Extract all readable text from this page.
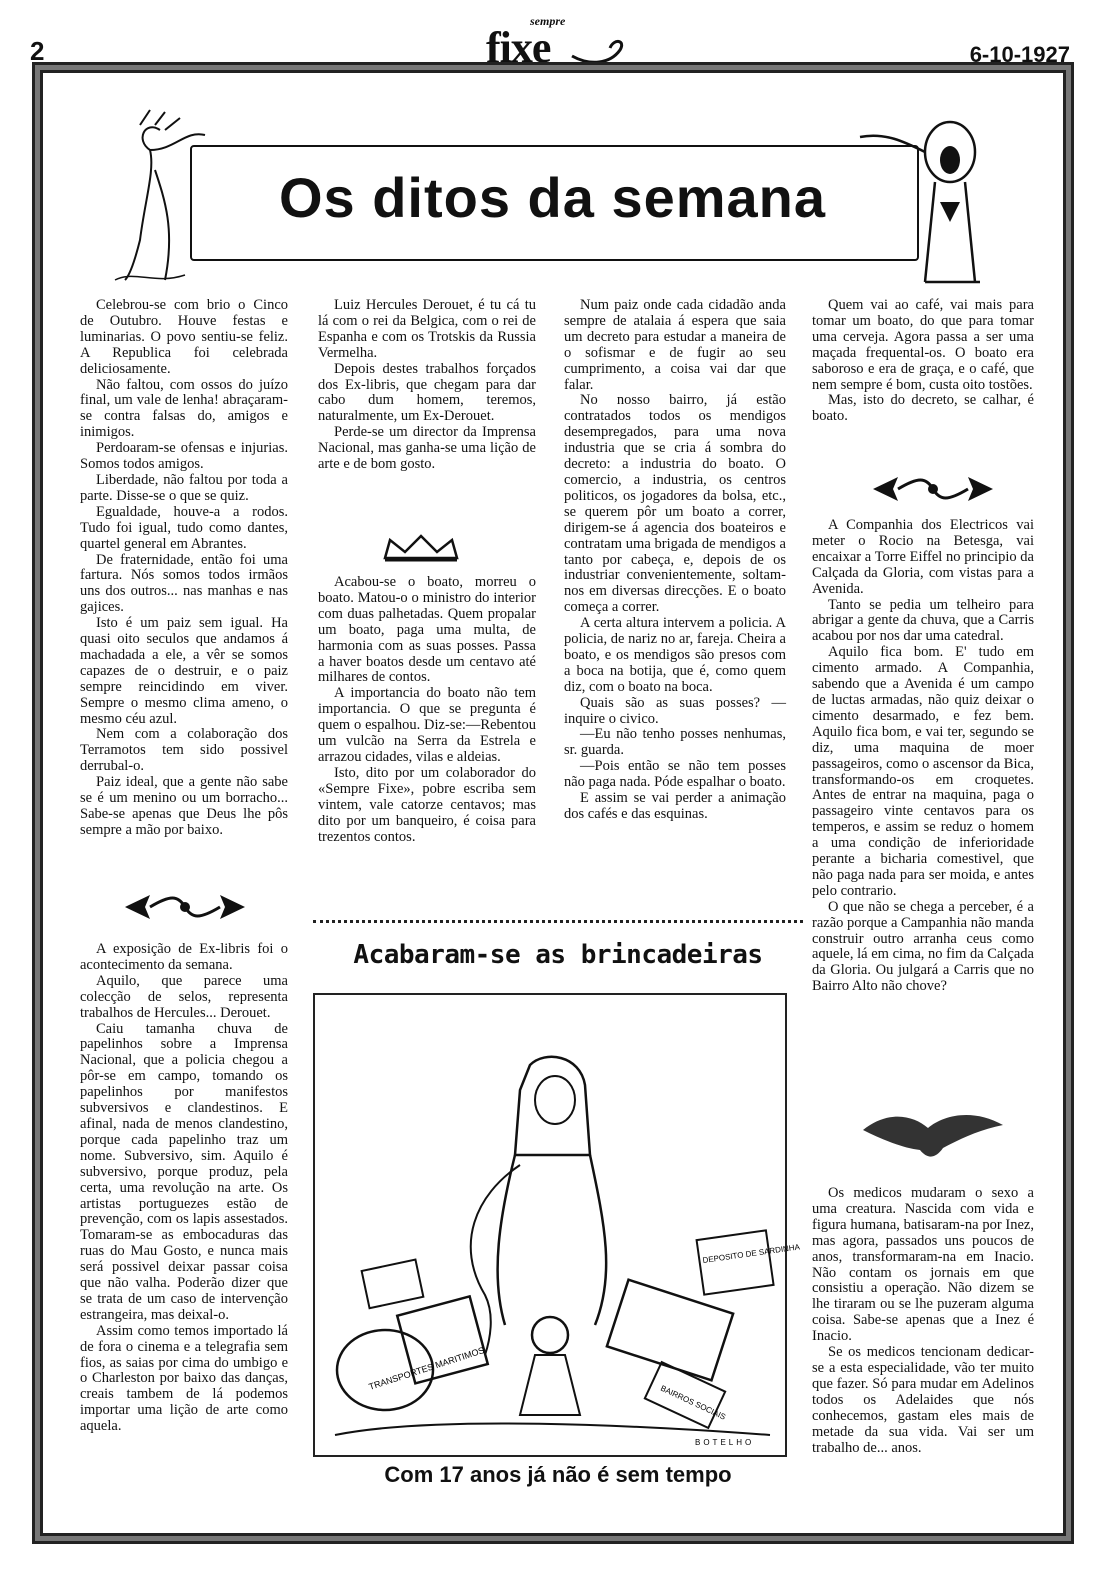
2
sempre
fixe	6-10-1927
Os ditos da semana

Celebrou-se com brio o Cinco de Outubro. Houve festas e luminarias. O povo sentiu-se feliz. A Republica foi celebrada deliciosamente.

Não faltou, com ossos do juízo final, um vale de lenha! abraçaram-se contra falsas do, amigos e inimigos.

Perdoaram-se ofensas e injurias. Somos todos amigos.

Liberdade, não faltou por toda a parte. Disse-se o que se quiz.

Egualdade, houve-a a rodos. Tudo foi igual, tudo como dantes, quartel general em Abrantes.

De fraternidade, então foi uma fartura. Nós somos todos irmãos uns dos outros... nas manhas e nas gajices.

Isto é um paiz sem igual. Ha quasi oito seculos que andamos á machadada a ele, a vêr se somos capazes de o destruir, e o paiz sempre reincidindo em viver. Sempre o mesmo clima ameno, o mesmo céu azul.

Nem com a colaboração dos Terramotos tem sido possivel derrubal-o.

Paiz ideal, que a gente não sabe se é um menino ou um borracho... Sabe-se apenas que Deus lhe pôs sempre a mão por baixo.

A exposição de Ex-libris foi o acontecimento da semana.

Aquilo, que parece uma colecção de selos, representa trabalhos de Hercules... Derouet.

Caiu tamanha chuva de papelinhos sobre a Imprensa Nacional, que a policia chegou a pôr-se em campo, tomando os papelinhos por manifestos subversivos e clandestinos. E afinal, nada de menos clandestino, porque cada papelinho traz um nome. Subversivo, sim. Aquilo é subversivo, porque produz, pela certa, uma revolução na arte. Os artistas portuguezes estão de prevenção, com os lapis assestados. Tomaram-se as embocaduras das ruas do Mau Gosto, e nunca mais será possivel deixar passar coisa que não valha. Poderão dizer que se trata de um caso de intervenção estrangeira, mas deixal-o.

Assim como temos importado lá de fora o cinema e a telegrafia sem fios, as saias por cima do umbigo e o Charleston por baixo das danças, creais tambem de lá podemos importar uma lição de arte como aquela.

Luiz Hercules Derouet, é tu cá tu lá com o rei da Belgica, com o rei de Espanha e com os Trotskis da Russia Vermelha.

Depois destes trabalhos forçados dos Ex-libris, que chegam para dar cabo dum homem, teremos, naturalmente, um Ex-Derouet.

Perde-se um director da Imprensa Nacional, mas ganha-se uma lição de arte e de bom gosto.

Acabou-se o boato, morreu o boato. Matou-o o ministro do interior com duas palhetadas. Quem propalar um boato, paga uma multa, de harmonia com as suas posses. Passa a haver boatos desde um centavo até milhares de contos.

A importancia do boato não tem importancia. O que se pregunta é quem o espalhou. Diz-se:—Rebentou um vulcão na Serra da Estrela e arrazou cidades, vilas e aldeias.

Isto, dito por um colaborador do «Sempre Fixe», pobre escriba sem vintem, vale catorze centavos; mas dito por um banqueiro, é coisa para trezentos contos.

Num paiz onde cada cidadão anda sempre de atalaia á espera que saia um decreto para estudar a maneira de o sofismar e de fugir ao seu cumprimento, a coisa vai dar que falar.

No nosso bairro, já estão contratados todos os mendigos desempregados, para uma nova industria que se cria á sombra do decreto: a industria do boato. O comercio, a industria, os centros politicos, os jogadores da bolsa, etc., se querem pôr um boato a correr, dirigem-se á agencia dos boateiros e contratam uma brigada de mendigos a tanto por cabeça, e, depois de os industriar convenientemente, soltam-nos em diversas direcções. E o boato começa a correr.

A certa altura intervem a policia. A policia, de nariz no ar, fareja. Cheira a boato, e os mendigos são presos com a boca na botija, que é, como quem diz, com o boato na boca.

Quais são as suas posses? — inquire o civico.

—Eu não tenho posses nenhumas, sr. guarda.

—Pois então se não tem posses não paga nada. Póde espalhar o boato.

E assim se vai perder a animação dos cafés e das esquinas.

Quem vai ao café, vai mais para tomar um boato, do que para tomar uma cerveja. Agora passa a ser uma maçada frequental-os. O boato era saboroso e era de graça, e o café, que nem sempre é bom, custa oito tostões.

Mas, isto do decreto, se calhar, é boato.

A Companhia dos Electricos vai meter o Rocio na Betesga, vai encaixar a Torre Eiffel no principio da Calçada da Gloria, com vistas para a Avenida.

Tanto se pedia um telheiro para abrigar a gente da chuva, que a Carris acabou por nos dar uma catedral.

Aquilo fica bom. E' tudo em cimento armado. A Companhia, sabendo que a Avenida é um campo de luctas armadas, não quiz deixar o cimento desarmado, e fez bem. Aquilo fica bom, e vai ter, segundo se diz, uma maquina de moer passageiros, como o ascensor da Bica, transformando-os em croquetes. Antes de entrar na maquina, paga o passageiro vinte centavos para os temperos, e assim se reduz o homem a uma condição de inferioridade perante a bicharia comestivel, que não paga nada para ser moida, e antes pelo contrario.

O que não se chega a perceber, é a razão porque a Campanhia não manda construir outro arranha ceus como aquele, lá em cima, no fim da Calçada da Gloria. Ou julgará a Carris que no Bairro Alto não chove?

Os medicos mudaram o sexo a uma creatura. Nascida com vida e figura humana, batisaram-na por Inez, mas agora, passados uns poucos de anos, transformaram-na em Inacio. Não contam os jornais em que consistiu a operação. Não dizem se lhe tiraram ou se lhe puzeram alguma coisa. Sabe-se apenas que a Inez é Inacio.

Se os medicos tencionam dedicar-se a esta especialidade, vão ter muito que fazer. Só para mudar em Adelinos todos os Adelaides que nós conhecemos, gastam eles mais de metade da sua vida. Vai ser um trabalho de... anos.

Acabaram-se as brincadeiras
TRANSPORTES MARITIMOS
DEPOSITO DE SARDINHA
BAIRROS SOCIAIS
BOTELHO
Com 17 anos já não é sem tempo
